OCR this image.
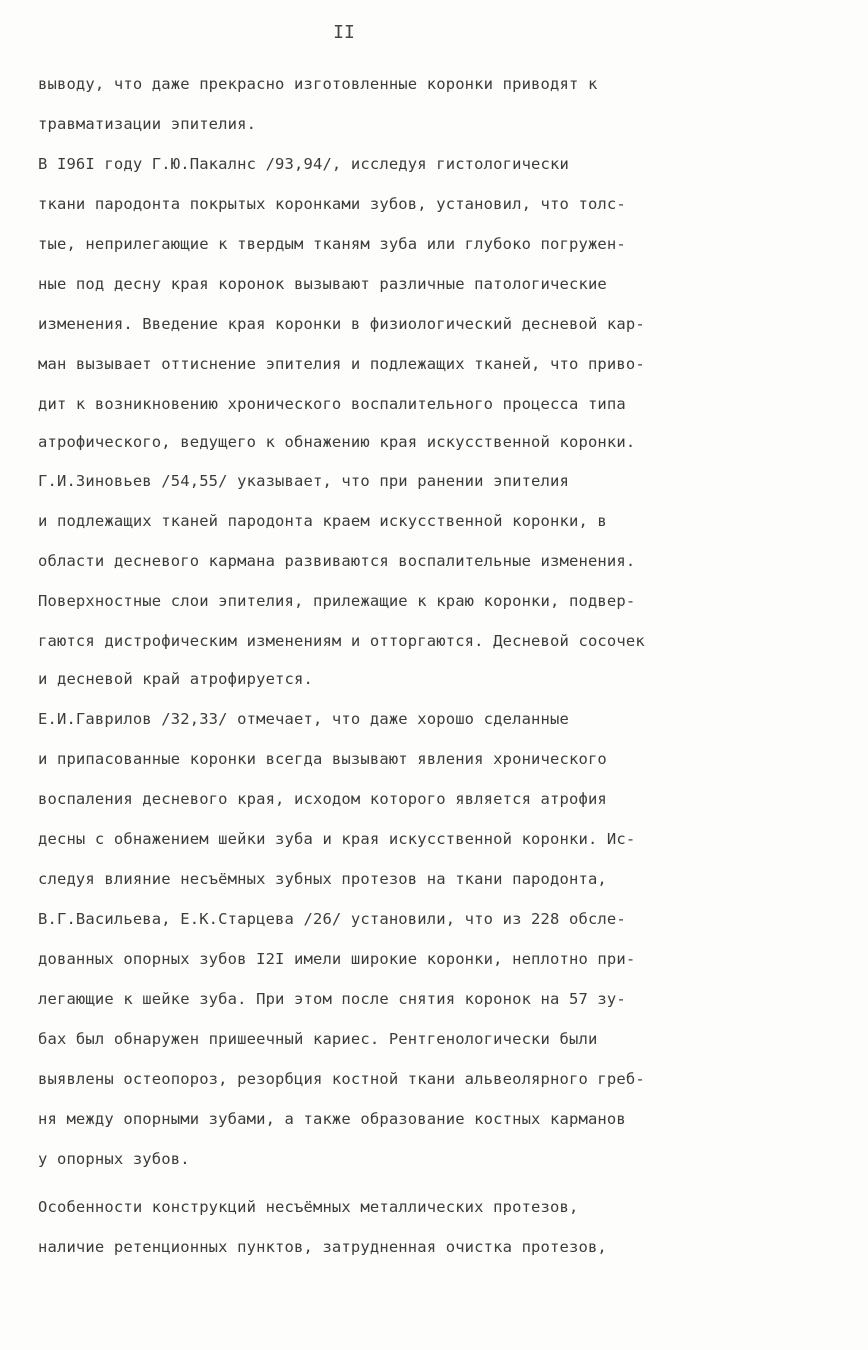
II
выводу, что даже прекрасно изготовленные коронки приводят к
травматизации эпителия.
В I96I году Г.Ю.Пакалнс /93,94/, исследуя гистологически
ткани пародонта покрытых коронками зубов, установил, что толс-
тые, неприлегающие к твердым тканям зуба или глубоко погружен-
ные под десну края коронок вызывают различные патологические
изменения. Введение края коронки в физиологический десневой кар-
ман вызывает оттиснение эпителия и подлежащих тканей, что приво-
дит к возникновению хронического воспалительного процесса типа
атрофического, ведущего к обнажению края искусственной коронки.
Г.И.Зиновьев /54,55/ указывает, что при ранении эпителия
и подлежащих тканей пародонта краем искусственной коронки, в
области десневого кармана развиваются воспалительные изменения.
Поверхностные слои эпителия, прилежащие к краю коронки, подвер-
гаются дистрофическим изменениям и отторгаются. Десневой сосочек
и десневой край атрофируется.
Е.И.Гаврилов /32,33/ отмечает, что даже хорошо сделанные
и припасованные коронки всегда вызывают явления хронического
воспаления десневого края, исходом которого является атрофия
десны с обнажением шейки зуба и края искусственной коронки. Ис-
следуя влияние несъёмных зубных протезов на ткани пародонта,
В.Г.Васильева, Е.К.Старцева /26/ установили, что из 228 обсле-
дованных опорных зубов I2I имели широкие коронки, неплотно при-
легающие к шейке зуба. При этом после снятия коронок на 57 зу-
бах был обнаружен пришеечный кариес. Рентгенологически были
выявлены остеопороз, резорбция костной ткани альвеолярного греб-
ня между опорными зубами, а также образование костных карманов
у опорных зубов.
Особенности конструкций несъёмных металлических протезов,
наличие ретенционных пунктов, затрудненная очистка протезов,
